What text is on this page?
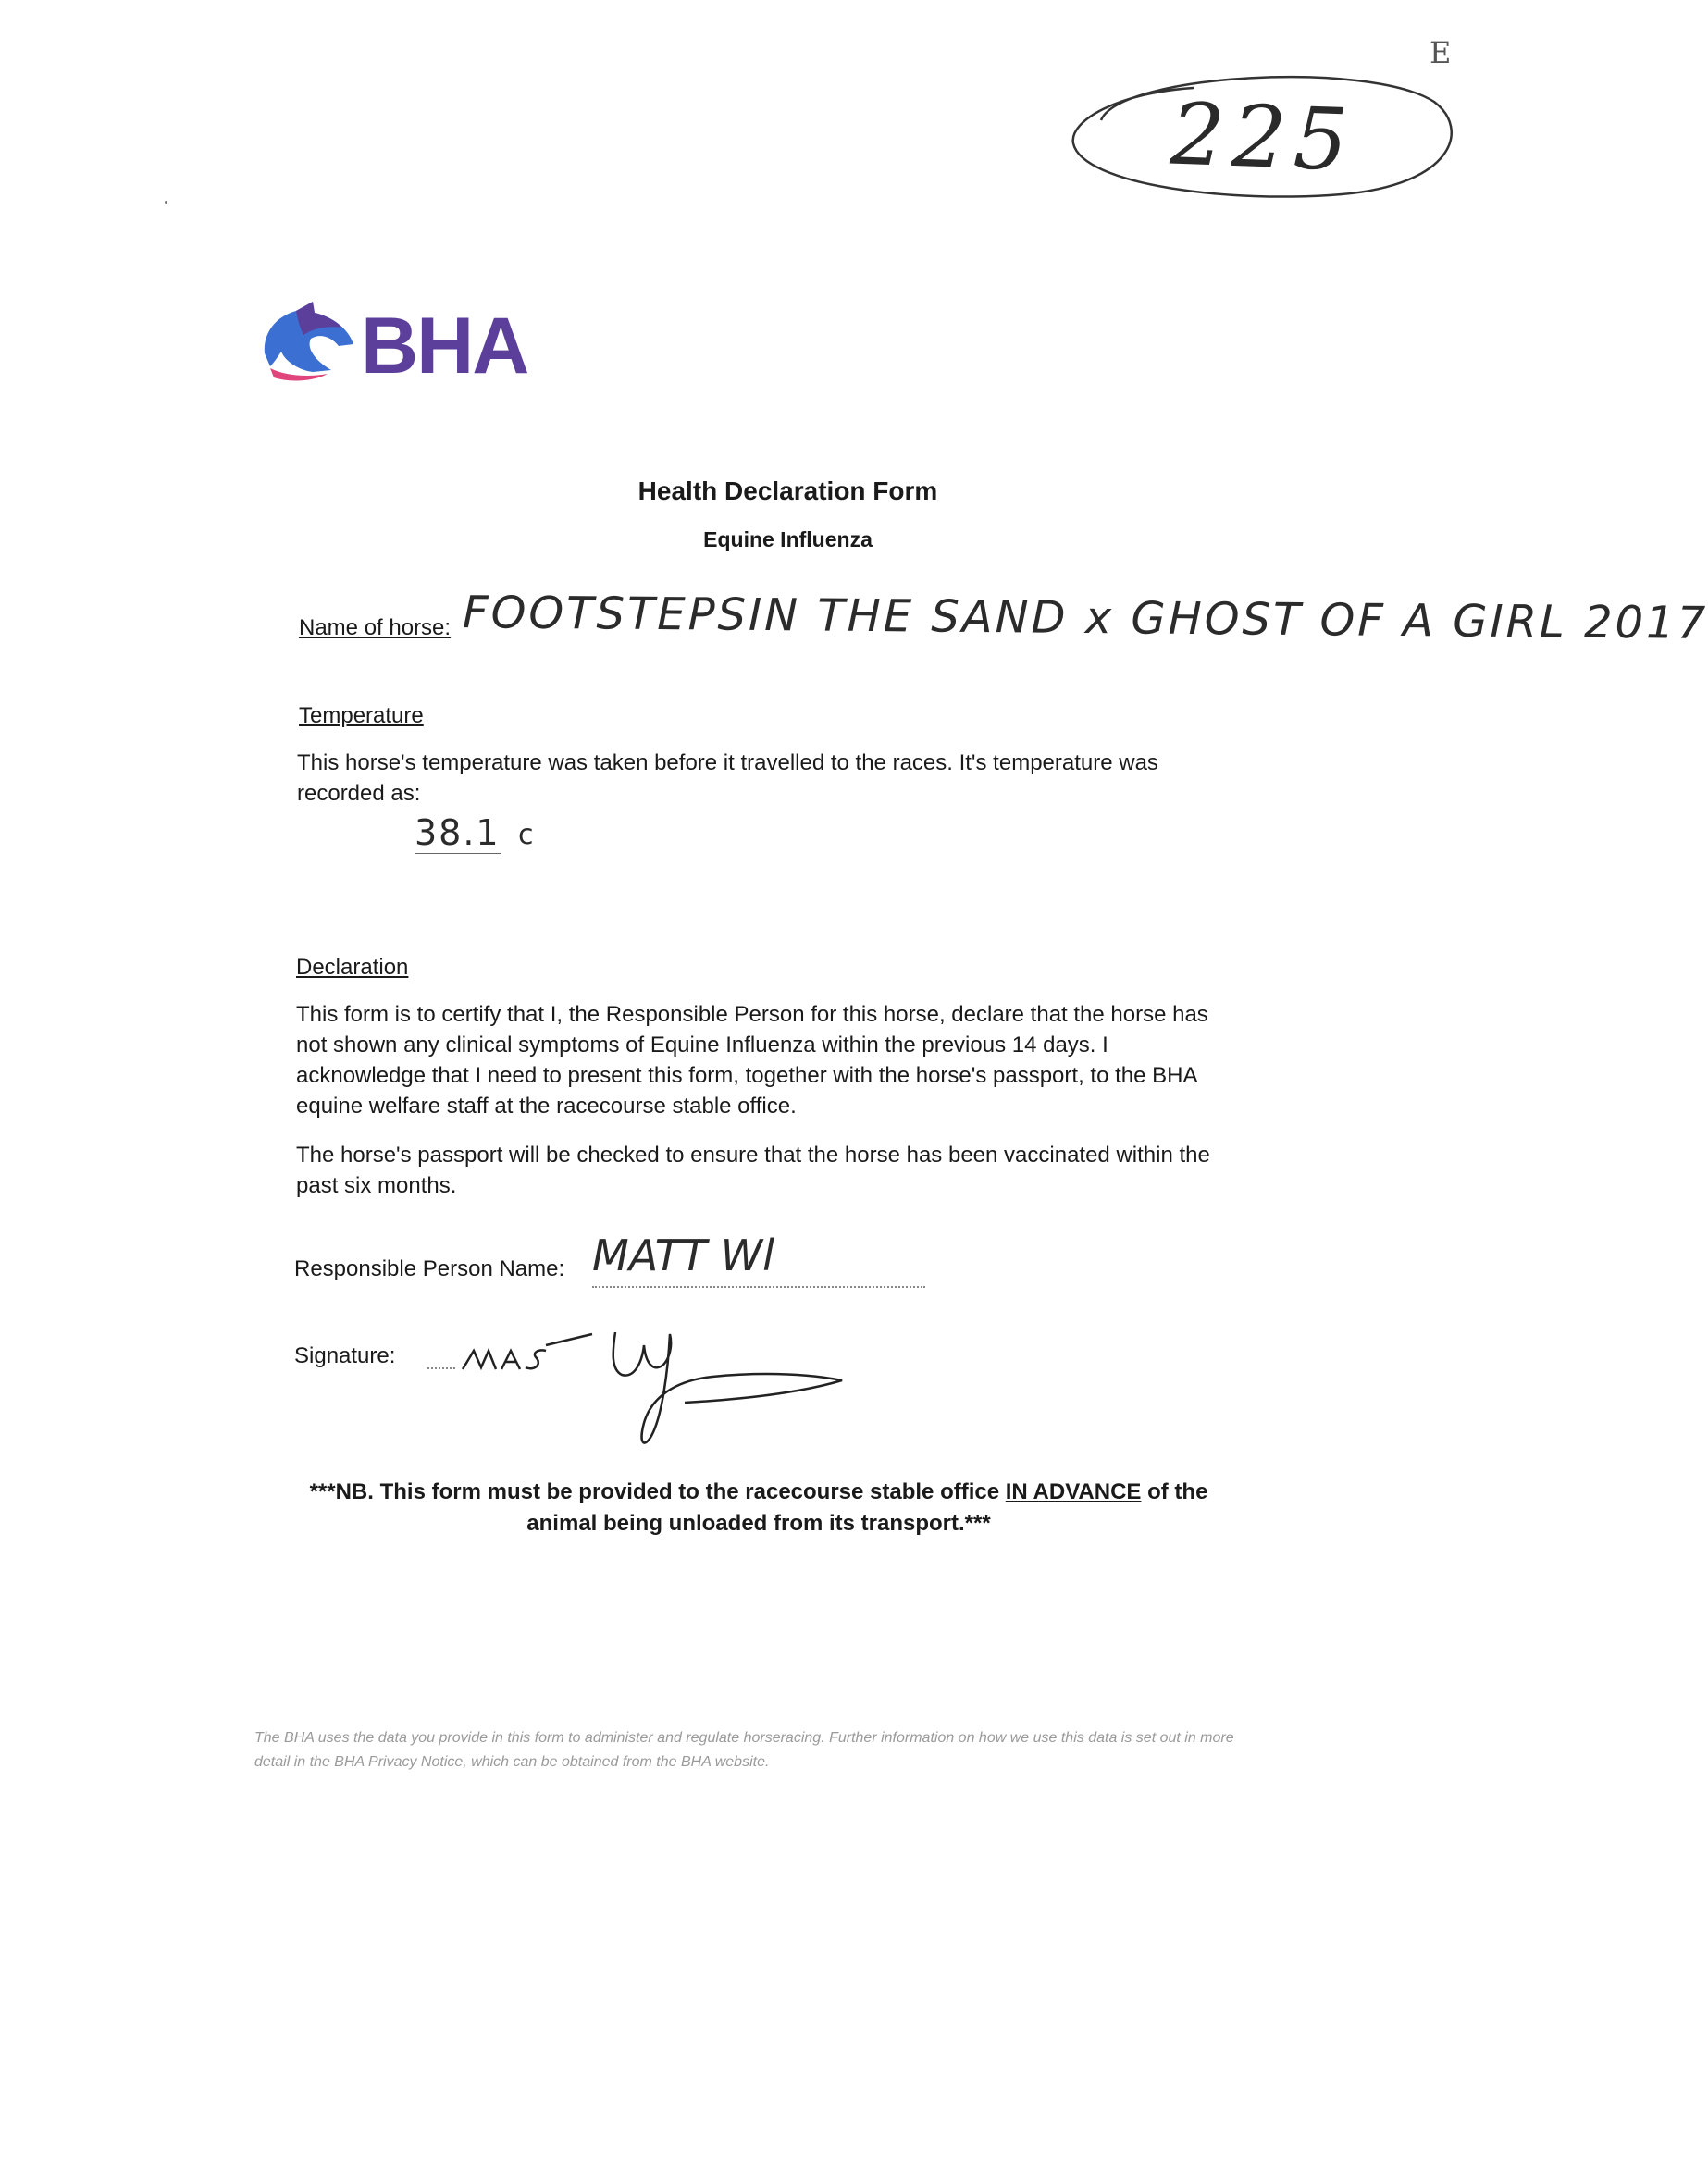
225
E
BHA
Health Declaration Form
Equine Influenza
Name of horse: FOOTSTEPSIN THE SAND x GHOST OF A GIRL 2017
Temperature
This horse's temperature was taken before it travelled to the races. It's temperature was recorded as:
38.1 c
Declaration
This form is to certify that I, the Responsible Person for this horse, declare that the horse has not shown any clinical symptoms of Equine Influenza within the previous 14 days. I acknowledge that I need to present this form, together with the horse's passport, to the BHA equine welfare staff at the racecourse stable office.
The horse's passport will be checked to ensure that the horse has been vaccinated within the past six months.
Responsible Person Name: MATT Wl
Signature:
***NB. This form must be provided to the racecourse stable office IN ADVANCE of the animal being unloaded from its transport.***
The BHA uses the data you provide in this form to administer and regulate horseracing. Further information on how we use this data is set out in more detail in the BHA Privacy Notice, which can be obtained from the BHA website.
